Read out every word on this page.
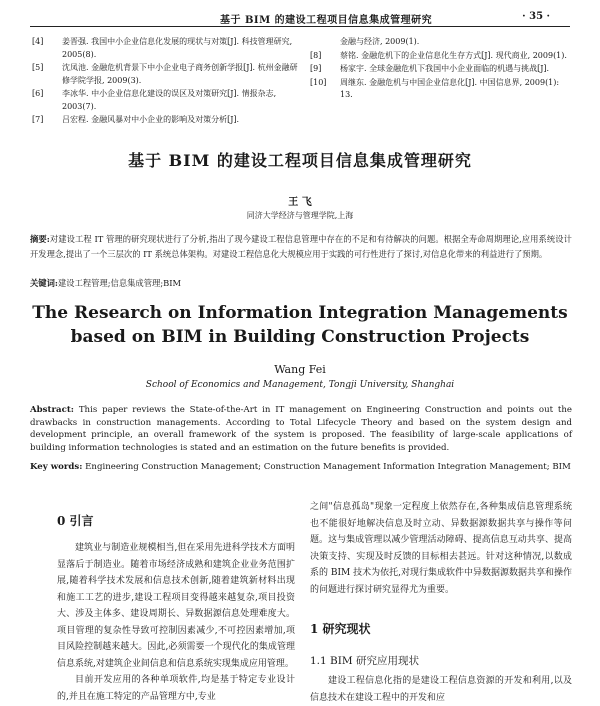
基于 BIM 的建设工程项目信息集成管理研究	· 35 ·
[4] 姜晋强. 我国中小企业信息化发展的现状与对策[J]. 科技管理研究, 2005(8).
[5] 沈凤池. 金融危机背景下中小企业电子商务创新学报[J]. 杭州金融研修学院学报, 2009(3).
[6] 李冰华. 中小企业信息化建设的误区及对策研究[J]. 情报杂志, 2003(7).
[7] 吕宏程. 金融风暴对中小企业的影响及对策分析[J].
金融与经济, 2009(1).
[8] 蔡铭. 金融危机下的企业信息化生存方式[J]. 现代商业, 2009(1).
[9] 杨家宇. 全球金融危机下我国中小企业面临的机遇与挑战[J].
[10] 周继东. 金融危机与中国企业信息化[J]. 中国信息界, 2009(1): 13.
基于 BIM 的建设工程项目信息集成管理研究
王 飞
同济大学经济与管理学院,上海
摘要:对建设工程 IT 管理的研究现状进行了分析,指出了现今建设工程信息管理中存在的不足和有待解决的问题。根据全寿命周期理论,应用系统设计开发理念,提出了一个三层次的 IT 系统总体架构。对建设工程信息化大规模应用于实践的可行性进行了探讨,对信息化带来的利益进行了预期。
关键词:建设工程管理;信息集成管理;BIM
The Research on Information Integration Managements
based on BIM in Building Construction Projects
Wang Fei
School of Economics and Management, Tongji University, Shanghai
Abstract: This paper reviews the State-of-the-Art in IT management on Engineering Construction and points out the drawbacks in construction managements. According to Total Lifecycle Theory and based on the system design and development principle, an overall framework of the system is proposed. The feasibility of large-scale applications of building information technologies is stated and an estimation on the future benefits is provided.
Key words: Engineering Construction Management; Construction Management Information Integration Management; BIM
0 引言

建筑业与制造业规模相当,但在采用先进科学技术方面明显落后于制造业。随着市场经济成熟和建筑企业业务范围扩展,随着科学技术发展和信息技术创新,随着建筑新材料出现和施工工艺的进步,建设工程项目变得越来越复杂,项目投资大、涉及主体多、建设周期长、异数据源信息处理难度大。项目管理的复杂性导致可控制因素减少,不可控因素增加,项目风险控制越来越大。因此,必须需要一个现代化的集成管理信息系统,对建筑企业间信息和信息系统实现集成应用管理。

目前开发应用的各种单项软件,均是基于特定专业设计的,并且在施工特定的产品管理方中,专业

之间"信息孤岛"现象一定程度上依然存在,各种集成信息管理系统也不能很好地解决信息及时立动、异数据源数据共享与操作等问题。这与集成管理以减少管理活动障碍、提高信息互动共享、提高决策支持、实现及时反馈的目标相去甚远。针对这种情况,以数成系的 BIM 技术为依托,对现行集成软件中异数据源数据共享和操作的问题进行探讨研究显得尤为重要。

1 研究现状
1.1 BIM 研究应用现状

建设工程信息化指的是建设工程信息资源的开发和利用,以及信息技术在建设工程中的开发和应
